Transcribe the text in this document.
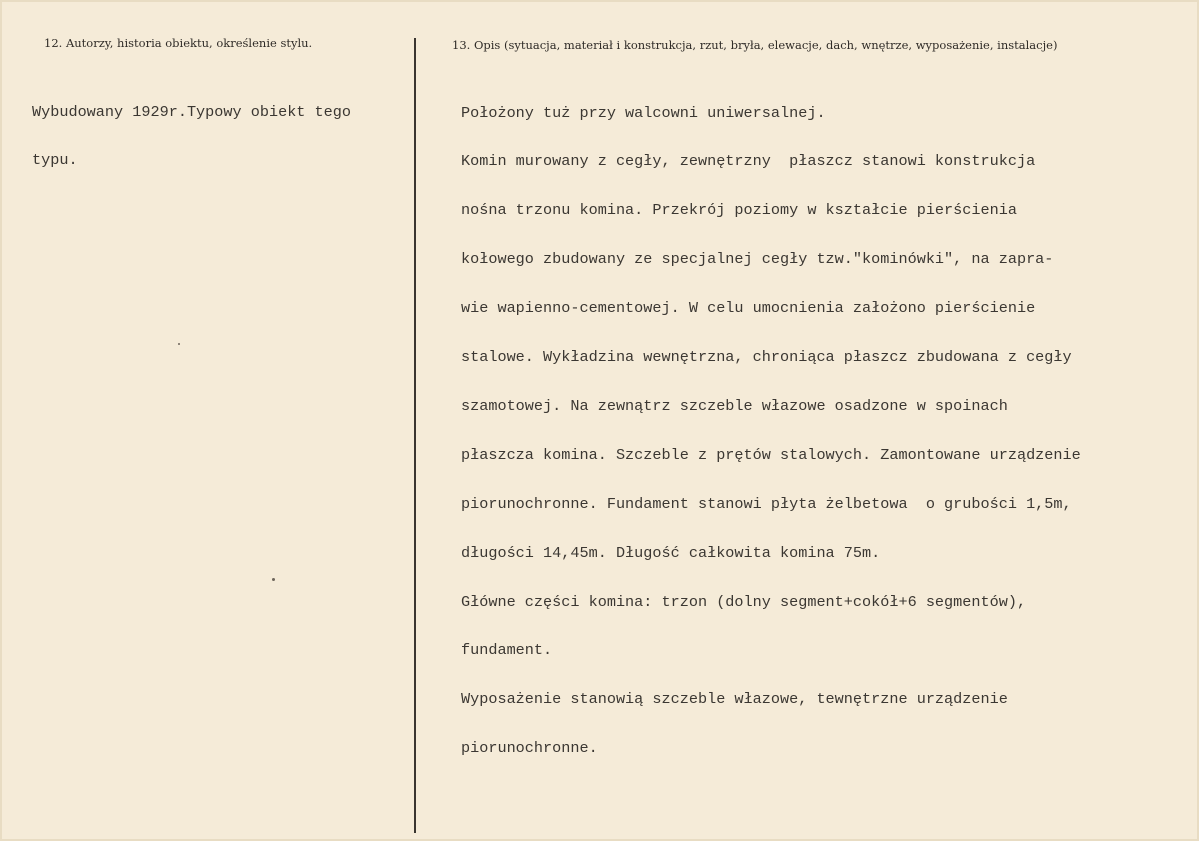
12. Autorzy, historia obiektu, określenie stylu.	13. Opis (sytuacja, materiał i konstrukcja, rzut, bryła, elewacje, dach, wnętrze, wyposażenie, instalacje)

Wybudowany 1929r.Typowy obiekt tego

typu.

Położony tuż przy walcowni uniwersalnej.

Komin murowany z cegły, zewnętrzny  płaszcz stanowi konstrukcja

nośna trzonu komina. Przekrój poziomy w kształcie pierścienia

kołowego zbudowany ze specjalnej cegły tzw."kominówki", na zapra-

wie wapienno-cementowej. W celu umocnienia założono pierścienie

stalowe. Wykładzina wewnętrzna, chroniąca płaszcz zbudowana z cegły

szamotowej. Na zewnątrz szczeble włazowe osadzone w spoinach

płaszcza komina. Szczeble z prętów stalowych. Zamontowane urządzenie

piorunochronne. Fundament stanowi płyta żelbetowa  o grubości 1,5m,

długości 14,45m. Długość całkowita komina 75m.

Główne części komina: trzon (dolny segment+cokół+6 segmentów),

fundament.

Wyposażenie stanowią szczeble włazowe, tewnętrzne urządzenie

piorunochronne.
